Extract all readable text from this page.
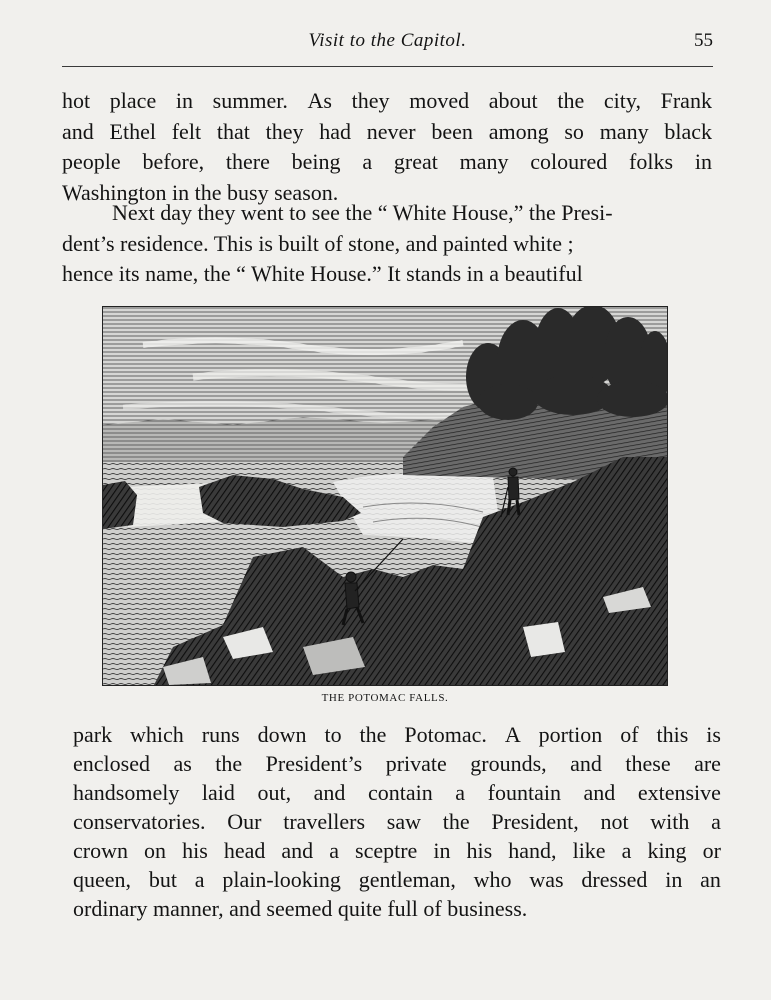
Visit to the Capitol.	55

hot place in summer. As they moved about the city, Frank
and Ethel felt that they had never been among so many black
people before, there being a great many coloured folks in
Washington in the busy season.

Next day they went to see the “ White House,” the Presi-
dent’s residence. This is built of stone, and painted white ;
hence its name, the “ White House.” It stands in a beautiful

THE POTOMAC FALLS.

park which runs down to the Potomac. A portion of this is
enclosed as the President’s private grounds, and these are
handsomely laid out, and contain a fountain and extensive
conservatories. Our travellers saw the President, not with a
crown on his head and a sceptre in his hand, like a king or
queen, but a plain-looking gentleman, who was dressed in an
ordinary manner, and seemed quite full of business.
